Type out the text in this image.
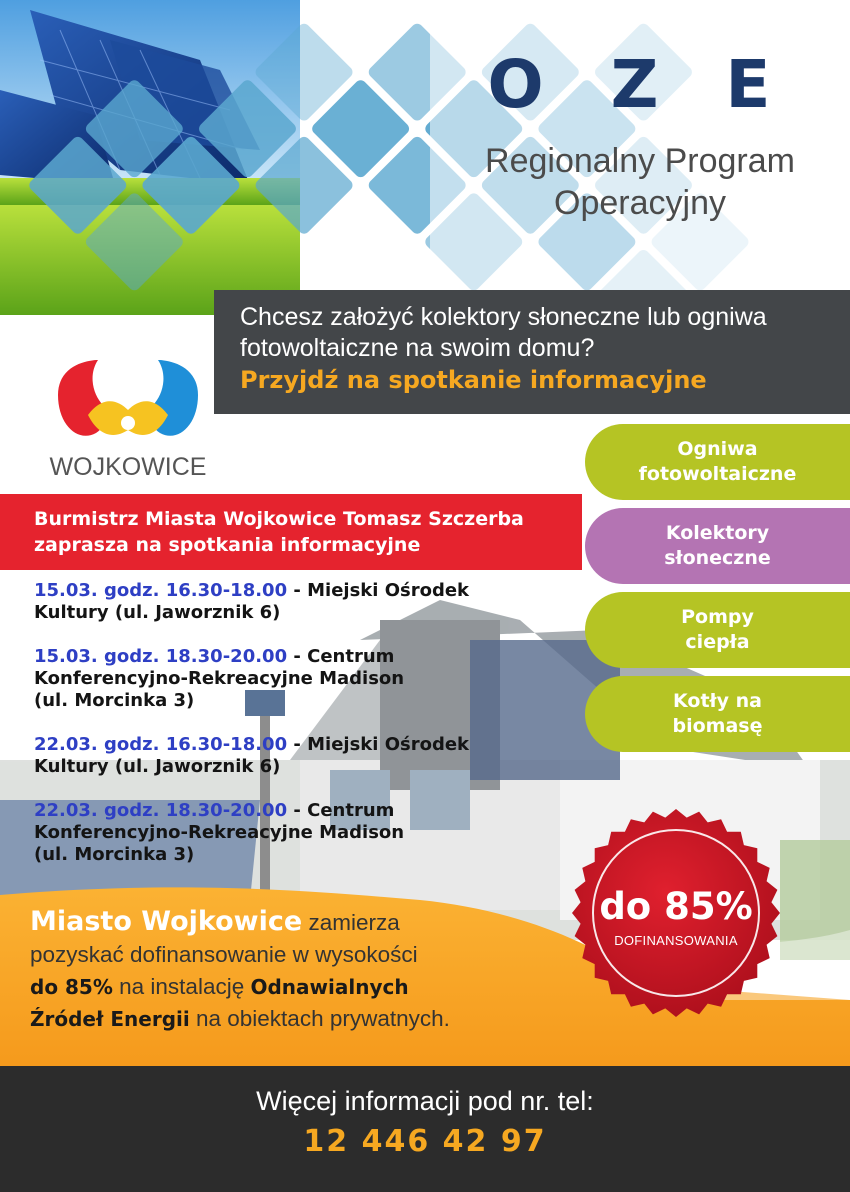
O Z E
Regionalny Program
Operacyjny
Chcesz założyć kolektory słoneczne lub ogniwa fotowoltaiczne na swoim domu?
Przyjdź na spotkanie informacyjne
WOJKOWICE
Burmistrz Miasta Wojkowice Tomasz Szczerba
zaprasza na spotkania informacyjne
15.03. godz. 16.30-18.00 - Miejski Ośrodek
Kultury (ul. Jaworznik 6)
15.03. godz. 18.30-20.00 - Centrum
Konferencyjno-Rekreacyjne Madison
(ul. Morcinka 3)
22.03. godz. 16.30-18.00 - Miejski Ośrodek
Kultury (ul. Jaworznik 6)
22.03. godz. 18.30-20.00 - Centrum
Konferencyjno-Rekreacyjne Madison
(ul. Morcinka 3)
Ogniwa
fotowoltaiczne
Kolektory
słoneczne
Pompy
ciepła
Kotły na
biomasę
do 85%
DOFINANSOWANIA
Miasto Wojkowice zamierza
pozyskać dofinansowanie w wysokości
do 85% na instalację Odnawialnych
Źródeł Energii na obiektach prywatnych.
Więcej informacji pod nr. tel:
12 446 42 97
